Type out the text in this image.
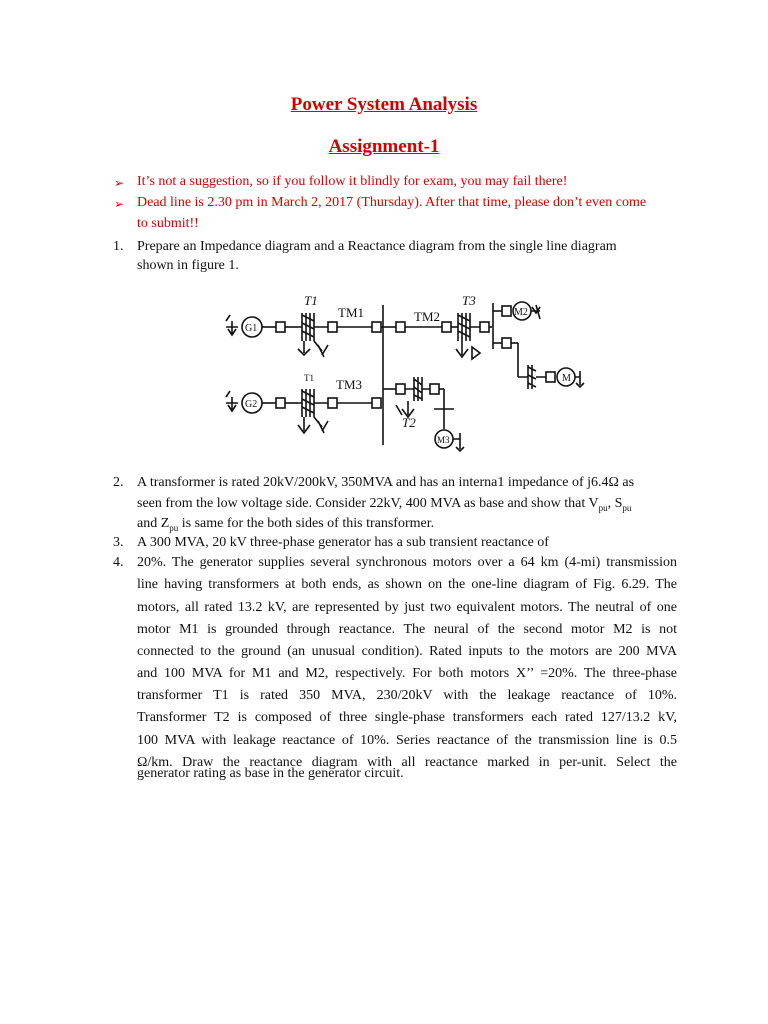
Power System Analysis
Assignment-1
➢ It’s not a suggestion, so if you follow it blindly for exam, you may fail there!
➢ Dead line is 2.30 pm in March 2, 2017 (Thursday). After that time, please don’t even come
to submit!!
1. Prepare an Impedance diagram and a Reactance diagram from the single line diagram
shown in figure 1.
T1
TM1	TM2
T3
T1 TM3
T2
G1
G2
M2
M
M3
2. A transformer is rated 20kV/200kV, 350MVA and has an interna1 impedance of j6.4Ω as
seen from the low voltage side. Consider 22kV, 400 MVA as base and show that $V_{pu}$, $S_{pu}$
and $Z_{pu}$ is same for the both sides of this transformer.
3. A 300 MVA, 20 kV three-phase generator has a sub transient reactance of
4. 20%. The generator supplies several synchronous motors over a 64 km (4-mi) transmission
line having transformers at both ends, as shown on the one-line diagram of Fig. 6.29. The
motors, all rated 13.2 kV, are represented by just two equivalent motors. The neutral of one
motor M1 is grounded through reactance. The neural of the second motor M2 is not
connected to the ground (an unusual condition). Rated inputs to the motors are 200 MVA
and 100 MVA for M1 and M2, respectively. For both motors X’’ =20%. The three-phase
transformer T1 is rated 350 MVA, 230/20kV with the leakage reactance of 10%.
Transformer T2 is composed of three single-phase transformers each rated 127/13.2 kV,
100 MVA with leakage reactance of 10%. Series reactance of the transmission line is 0.5
Ω/km. Draw the reactance diagram with all reactance marked in per-unit. Select the
generator rating as base in the generator circuit.
